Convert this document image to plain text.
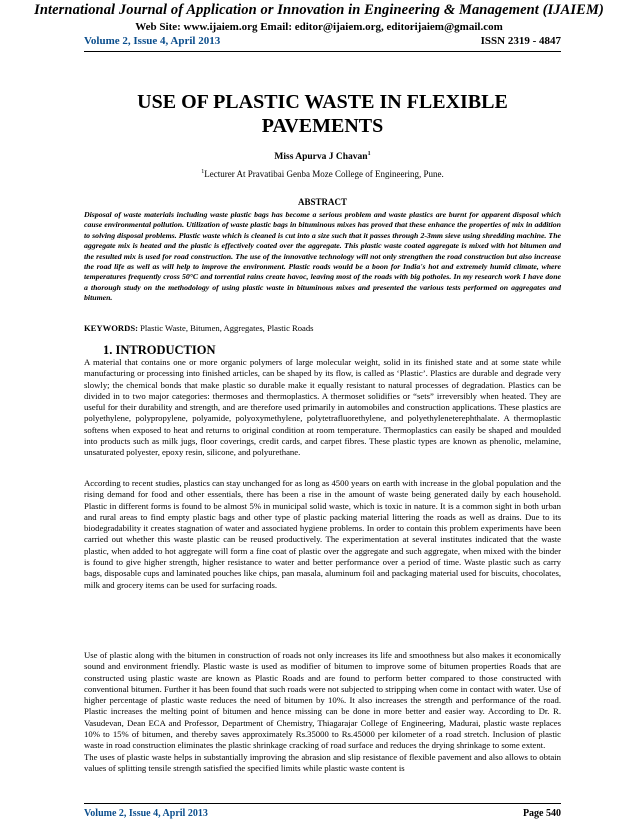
International Journal of Application or Innovation in Engineering & Management (IJAIEM)
Web Site: www.ijaiem.org Email: editor@ijaiem.org, editorijaiem@gmail.com
Volume 2, Issue 4, April 2013	ISSN 2319 - 4847
USE OF PLASTIC WASTE IN FLEXIBLE
PAVEMENTS
Miss Apurva J Chavan$^1$
$^1$Lecturer At Pravatibai Genba Moze College of Engineering, Pune.
ABSTRACT

Disposal of waste materials including waste plastic bags has become a serious problem and waste plastics are burnt for apparent disposal which cause environmental pollution. Utilization of waste plastic bags in bituminous mixes has proved that these enhance the properties of mix in addition to solving disposal problems. Plastic waste which is cleaned is cut into a size such that it passes through 2-3mm sieve using shredding machine. The aggregate mix is heated and the plastic is effectively coated over the aggregate. This plastic waste coated aggregate is mixed with hot bitumen and the resulted mix is used for road construction. The use of the innovative technology will not only strengthen the road construction but also increase the road life as well as will help to improve the environment. Plastic roads would be a boon for India's hot and extremely humid climate, where temperatures frequently cross 50°C and torrential rains create havoc, leaving most of the roads with big potholes. In my research work I have done a thorough study on the methodology of using plastic waste in bituminous mixes and presented the various tests performed on aggregates and bitumen.

KEYWORDS: Plastic Waste, Bitumen, Aggregates, Plastic Roads

1. INTRODUCTION

A material that contains one or more organic polymers of large molecular weight, solid in its finished state and at some state while manufacturing or processing into finished articles, can be shaped by its flow, is called as ‘Plastic’. Plastics are durable and degrade very slowly; the chemical bonds that make plastic so durable make it equally resistant to natural processes of degradation. Plastics can be divided in to two major categories: thermoses and thermoplastics. A thermoset solidifies or “sets” irreversibly when heated. They are useful for their durability and strength, and are therefore used primarily in automobiles and construction applications. These plastics are polyethylene, polypropylene, polyamide, polyoxymethylene, polytetrafluorethylene, and polyethyleneterephthalate. A thermoplastic softens when exposed to heat and returns to original condition at room temperature. Thermoplastics can easily be shaped and moulded into products such as milk jugs, floor coverings, credit cards, and carpet fibres. These plastic types are known as phenolic, melamine, unsaturated polyester, epoxy resin, silicone, and polyurethane.

According to recent studies, plastics can stay unchanged for as long as 4500 years on earth with increase in the global population and the rising demand for food and other essentials, there has been a rise in the amount of waste being generated daily by each household. Plastic in different forms is found to be almost 5% in municipal solid waste, which is toxic in nature. It is a common sight in both urban and rural areas to find empty plastic bags and other type of plastic packing material littering the roads as well as drains. Due to its biodegradability it creates stagnation of water and associated hygiene problems. In order to contain this problem experiments have been carried out whether this waste plastic can be reused productively. The experimentation at several institutes indicated that the waste plastic, when added to hot aggregate will form a fine coat of plastic over the aggregate and such aggregate, when mixed with the binder is found to give higher strength, higher resistance to water and better performance over a period of time. Waste plastic such as carry bags, disposable cups and laminated pouches like chips, pan masala, aluminum foil and packaging material used for biscuits, chocolates, milk and grocery items can be used for surfacing roads.

Use of plastic along with the bitumen in construction of roads not only increases its life and smoothness but also makes it economically sound and environment friendly. Plastic waste is used as modifier of bitumen to improve some of bitumen properties Roads that are constructed using plastic waste are known as Plastic Roads and are found to perform better compared to those constructed with conventional bitumen. Further it has been found that such roads were not subjected to stripping when come in contact with water. Use of higher percentage of plastic waste reduces the need of bitumen by 10%. It also increases the strength and performance of the road. Plastic increases the melting point of bitumen and hence missing can be done in more better and easier way. According to Dr. R. Vasudevan, Dean ECA and Professor, Department of Chemistry, Thiagarajar College of Engineering, Madurai, plastic waste replaces 10% to 15% of bitumen, and thereby saves approximately Rs.35000 to Rs.45000 per kilometer of a road stretch. Inclusion of plastic waste in road construction eliminates the plastic shrinkage cracking of road surface and reduces the drying shrinkage to some extent.

The uses of plastic waste helps in substantially improving the abrasion and slip resistance of flexible pavement and also allows to obtain values of splitting tensile strength satisfied the specified limits while plastic waste content is

Volume 2, Issue 4, April 2013	Page 540
